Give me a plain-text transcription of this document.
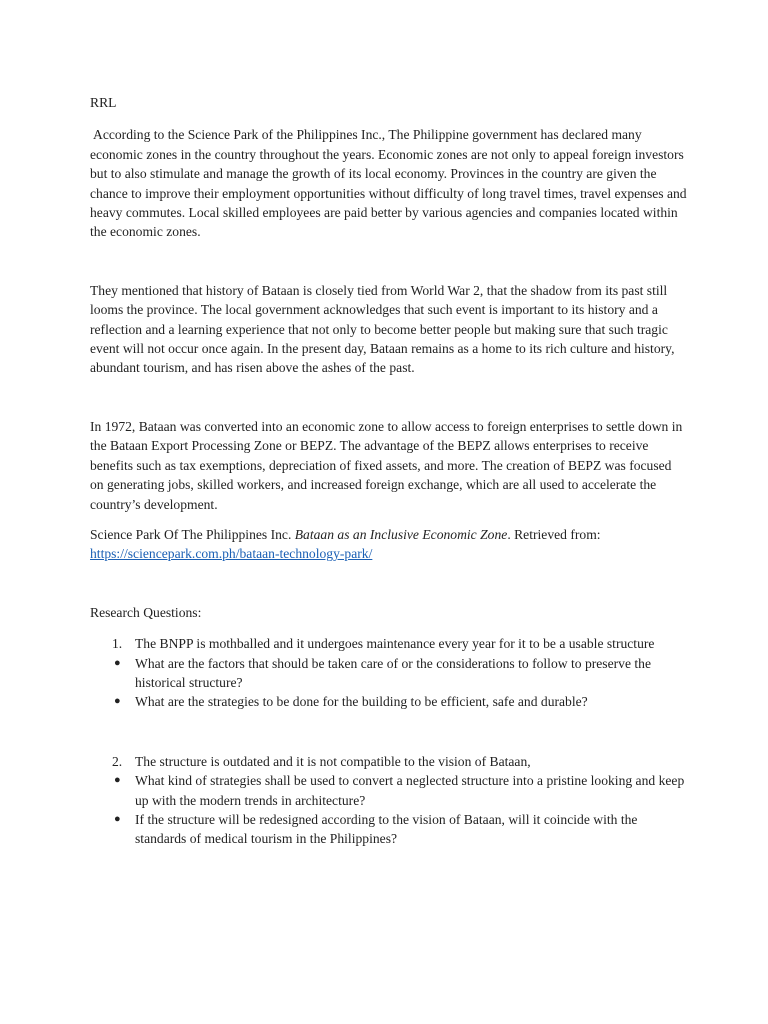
RRL

According to the Science Park of the Philippines Inc., The Philippine government has declared many economic zones in the country throughout the years. Economic zones are not only to appeal foreign investors but to also stimulate and manage the growth of its local economy. Provinces in the country are given the chance to improve their employment opportunities without difficulty of long travel times, travel expenses and heavy commutes. Local skilled employees are paid better by various agencies and companies located within the economic zones.

They mentioned that history of Bataan is closely tied from World War 2, that the shadow from its past still looms the province. The local government acknowledges that such event is important to its history and a reflection and a learning experience that not only to become better people but making sure that such tragic event will not occur once again. In the present day, Bataan remains as a home to its rich culture and history, abundant tourism, and has risen above the ashes of the past.

In 1972, Bataan was converted into an economic zone to allow access to foreign enterprises to settle down in the Bataan Export Processing Zone or BEPZ. The advantage of the BEPZ allows enterprises to receive benefits such as tax exemptions, depreciation of fixed assets, and more. The creation of BEPZ was focused on generating jobs, skilled workers, and increased foreign exchange, which are all used to accelerate the country’s development.

Science Park Of The Philippines Inc. Bataan as an Inclusive Economic Zone. Retrieved from:
https://sciencepark.com.ph/bataan-technology-park/

Research Questions:

1. The BNPP is mothballed and it undergoes maintenance every year for it to be a usable structure
● What are the factors that should be taken care of or the considerations to follow to preserve the historical structure?
● What are the strategies to be done for the building to be efficient, safe and durable?
2. The structure is outdated and it is not compatible to the vision of Bataan,
● What kind of strategies shall be used to convert a neglected structure into a pristine looking and keep up with the modern trends in architecture?
● If the structure will be redesigned according to the vision of Bataan, will it coincide with the standards of medical tourism in the Philippines?
